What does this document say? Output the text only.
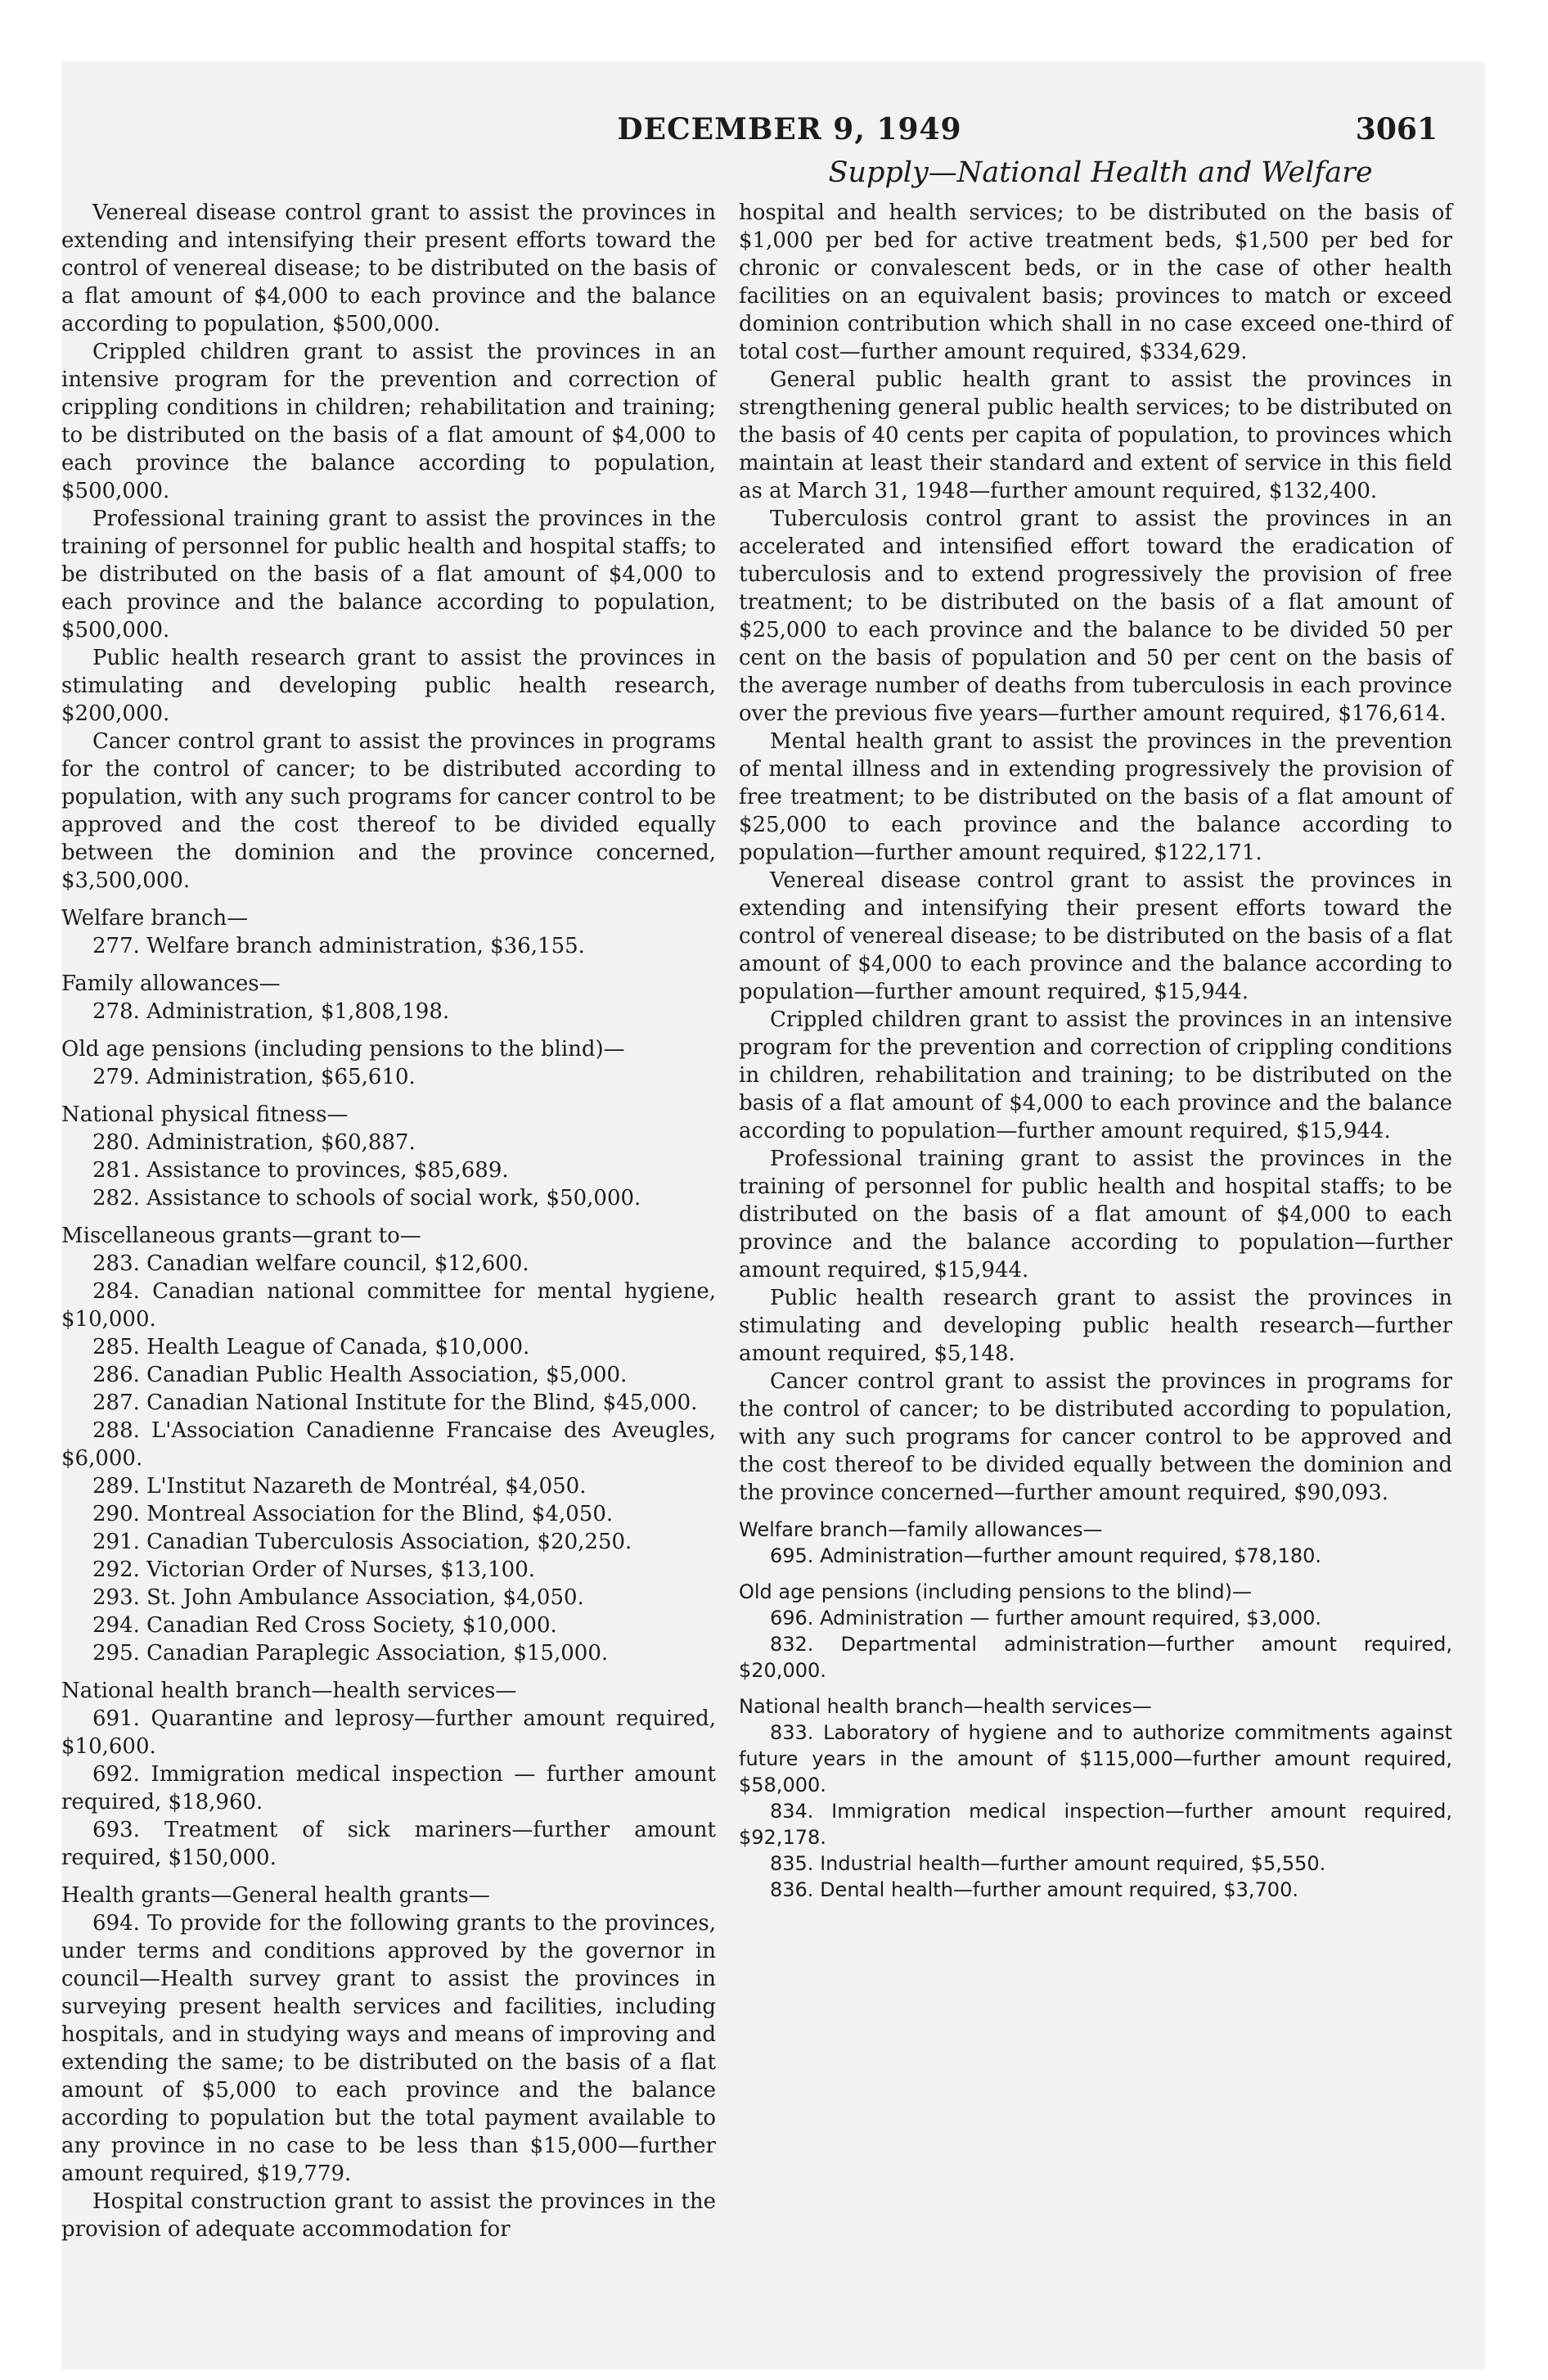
DECEMBER 9, 1949	3061
Supply—National Health and Welfare

Venereal disease control grant to assist the provinces in extending and intensifying their present efforts toward the control of venereal disease; to be distributed on the basis of a flat amount of $4,000 to each province and the balance according to population, $500,000.

Crippled children grant to assist the provinces in an intensive program for the prevention and correction of crippling conditions in children; rehabilitation and training; to be distributed on the basis of a flat amount of $4,000 to each province the balance according to population, $500,000.

Professional training grant to assist the provinces in the training of personnel for public health and hospital staffs; to be distributed on the basis of a flat amount of $4,000 to each province and the balance according to population, $500,000.

Public health research grant to assist the provinces in stimulating and developing public health research, $200,000.

Cancer control grant to assist the provinces in programs for the control of cancer; to be distributed according to population, with any such programs for cancer control to be approved and the cost thereof to be divided equally between the dominion and the province concerned, $3,500,000.

Welfare branch—

277. Welfare branch administration, $36,155.

Family allowances—

278. Administration, $1,808,198.

Old age pensions (including pensions to the blind)—

279. Administration, $65,610.

National physical fitness—

280. Administration, $60,887.

281. Assistance to provinces, $85,689.

282. Assistance to schools of social work, $50,000.

Miscellaneous grants—grant to—

283. Canadian welfare council, $12,600.

284. Canadian national committee for mental hygiene, $10,000.

285. Health League of Canada, $10,000.

286. Canadian Public Health Association, $5,000.

287. Canadian National Institute for the Blind, $45,000.

288. L'Association Canadienne Francaise des Aveugles, $6,000.

289. L'Institut Nazareth de Montréal, $4,050.

290. Montreal Association for the Blind, $4,050.

291. Canadian Tuberculosis Association, $20,250.

292. Victorian Order of Nurses, $13,100.

293. St. John Ambulance Association, $4,050.

294. Canadian Red Cross Society, $10,000.

295. Canadian Paraplegic Association, $15,000.

National health branch—health services—

691. Quarantine and leprosy—further amount required, $10,600.

692. Immigration medical inspection — further amount required, $18,960.

693. Treatment of sick mariners—further amount required, $150,000.

Health grants—General health grants—

694. To provide for the following grants to the provinces, under terms and conditions approved by the governor in council—Health survey grant to assist the provinces in surveying present health services and facilities, including hospitals, and in studying ways and means of improving and extending the same; to be distributed on the basis of a flat amount of $5,000 to each province and the balance according to population but the total payment available to any province in no case to be less than $15,000—further amount required, $19,779.

Hospital construction grant to assist the provinces in the provision of adequate accommodation for

hospital and health services; to be distributed on the basis of $1,000 per bed for active treatment beds, $1,500 per bed for chronic or convalescent beds, or in the case of other health facilities on an equivalent basis; provinces to match or exceed dominion contribution which shall in no case exceed one-third of total cost—further amount required, $334,629.

General public health grant to assist the provinces in strengthening general public health services; to be distributed on the basis of 40 cents per capita of population, to provinces which maintain at least their standard and extent of service in this field as at March 31, 1948—further amount required, $132,400.

Tuberculosis control grant to assist the provinces in an accelerated and intensified effort toward the eradication of tuberculosis and to extend progressively the provision of free treatment; to be distributed on the basis of a flat amount of $25,000 to each province and the balance to be divided 50 per cent on the basis of population and 50 per cent on the basis of the average number of deaths from tuberculosis in each province over the previous five years—further amount required, $176,614.

Mental health grant to assist the provinces in the prevention of mental illness and in extending progressively the provision of free treatment; to be distributed on the basis of a flat amount of $25,000 to each province and the balance according to population—further amount required, $122,171.

Venereal disease control grant to assist the provinces in extending and intensifying their present efforts toward the control of venereal disease; to be distributed on the basis of a flat amount of $4,000 to each province and the balance according to population—further amount required, $15,944.

Crippled children grant to assist the provinces in an intensive program for the prevention and correction of crippling conditions in children, rehabilitation and training; to be distributed on the basis of a flat amount of $4,000 to each province and the balance according to population—further amount required, $15,944.

Professional training grant to assist the provinces in the training of personnel for public health and hospital staffs; to be distributed on the basis of a flat amount of $4,000 to each province and the balance according to population—further amount required, $15,944.

Public health research grant to assist the provinces in stimulating and developing public health research—further amount required, $5,148.

Cancer control grant to assist the provinces in programs for the control of cancer; to be distributed according to population, with any such programs for cancer control to be approved and the cost thereof to be divided equally between the dominion and the province concerned—further amount required, $90,093.

Welfare branch—family allowances—

695. Administration—further amount required, $78,180.

Old age pensions (including pensions to the blind)—

696. Administration — further amount required, $3,000.

832. Departmental administration—further amount required, $20,000.

National health branch—health services—

833. Laboratory of hygiene and to authorize commitments against future years in the amount of $115,000—further amount required, $58,000.

834. Immigration medical inspection—further amount required, $92,178.

835. Industrial health—further amount required, $5,550.

836. Dental health—further amount required, $3,700.
